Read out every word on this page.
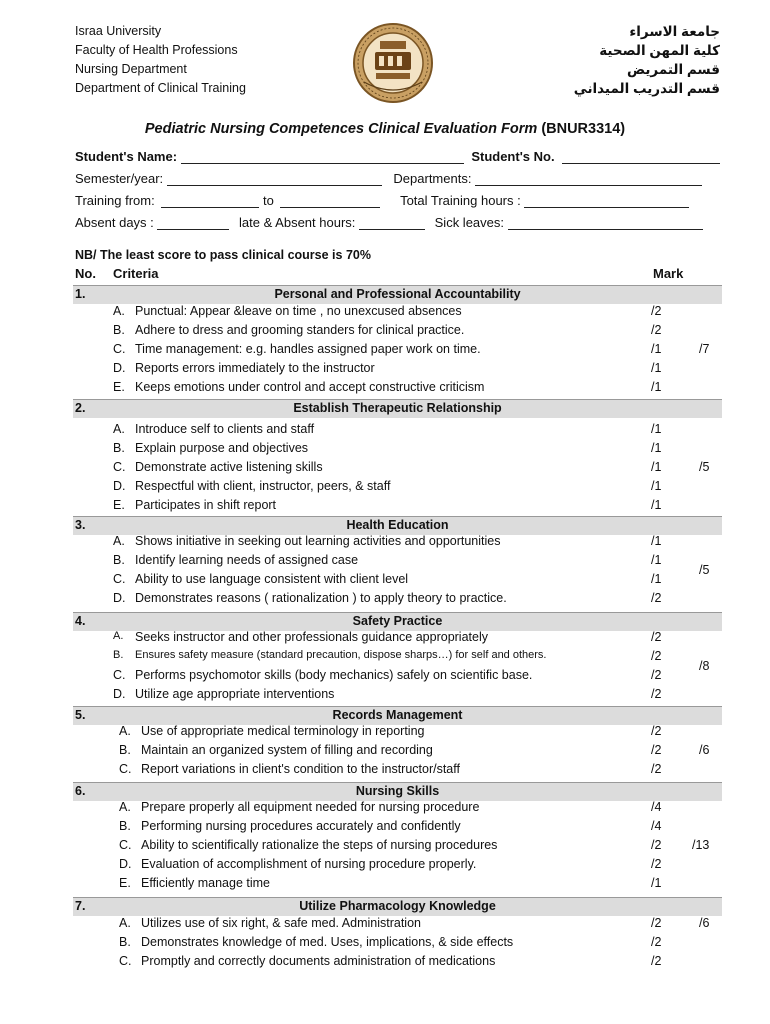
Israa University
Faculty of Health Professions
Nursing Department
Department of Clinical Training
جامعة الاسراء
كلية المهن الصحية
قسم التمريض
قسم التدريب الميداني
Pediatric Nursing Competences Clinical Evaluation Form (BNUR3314)
Student's Name:	Student's No.
Semester/year:	Departments:
Training from:	to	Total Training hours :
Absent days :	late & Absent hours:	Sick leaves:
NB/ The least score to pass clinical course is 70%
No. Criteria	Mark
1.	Personal and Professional Accountability
A. Punctual: Appear &leave on time , no unexcused absences	/2
B. Adhere to dress and grooming standers for clinical practice.	/2
C. Time management: e.g. handles assigned paper work on time.	/1
D. Reports errors immediately to the instructor	/1
E. Keeps emotions under control and accept constructive criticism	/1
/7
2.	Establish Therapeutic Relationship
A. Introduce self to clients and staff	/1
B. Explain purpose and objectives	/1
C. Demonstrate active listening skills	/1
D. Respectful with client, instructor, peers, & staff	/1
E. Participates in shift report	/1
/5
3.	Health Education
A. Shows initiative in seeking out learning activities and opportunities	/1
B. Identify learning needs of assigned case	/1
C. Ability to use language consistent with client level	/1
D. Demonstrates reasons ( rationalization ) to apply theory to practice.	/2
/5
4.	Safety Practice
A. Seeks instructor and other professionals guidance appropriately	/2
B.	Ensures safety measure (standard precaution, dispose sharps…) for self and others.	/2
C. Performs psychomotor skills (body mechanics) safely on scientific base.	/2
D. Utilize age appropriate interventions	/2
/8
5.	Records Management
A. Use of appropriate medical terminology in reporting	/2
B. Maintain an organized system of filling and recording	/2
C. Report variations in client's condition to the instructor/staff	/2
/6
6.	Nursing Skills
A. Prepare properly all equipment needed for nursing procedure	/4
B. Performing nursing procedures accurately and confidently	/4
C. Ability to scientifically rationalize the steps of nursing procedures	/2
D. Evaluation of accomplishment of nursing procedure properly.	/2
E. Efficiently manage time	/1
/13
7.	Utilize Pharmacology Knowledge
A. Utilizes use of six right, & safe med. Administration	/2
B. Demonstrates knowledge of med. Uses, implications, & side effects	/2
C. Promptly and correctly documents administration of medications	/2
/6
